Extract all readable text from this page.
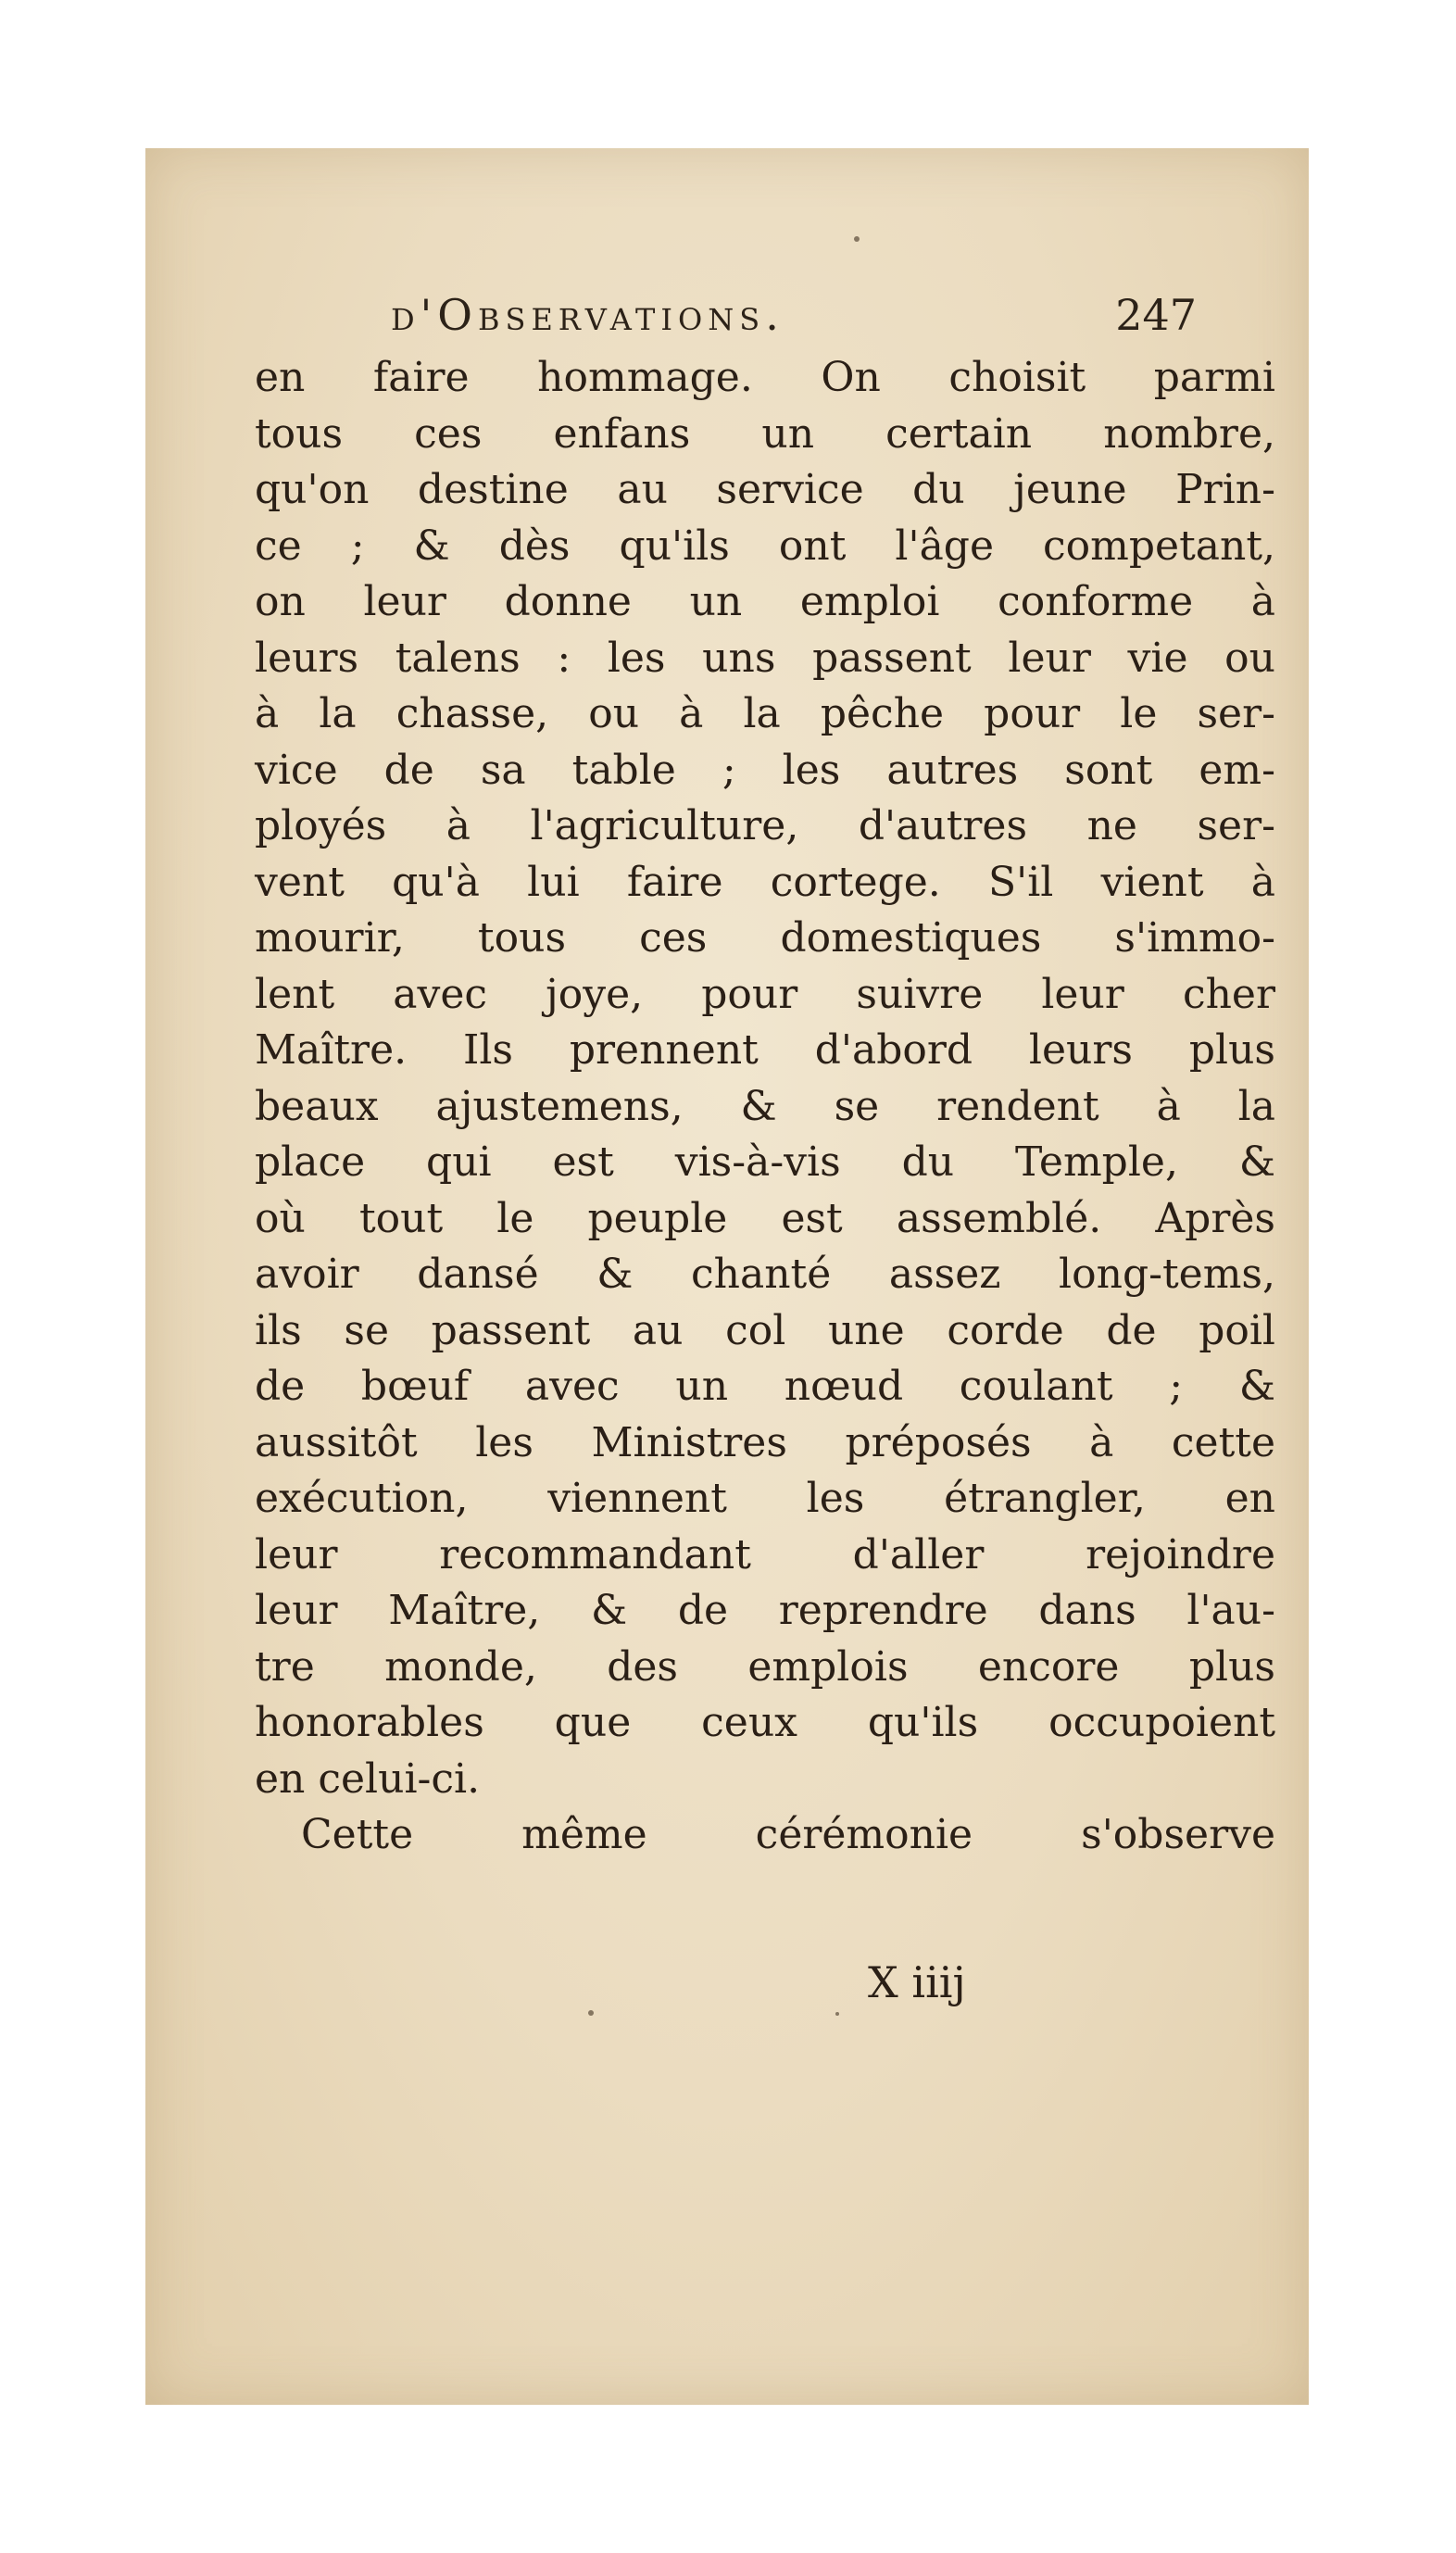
d'Observations.	247
en faire hommage. On choisit parmi
tous ces enfans un certain nombre,
qu'on destine au service du jeune Prin-
ce ; & dès qu'ils ont l'âge competant,
on leur donne un emploi conforme à
leurs talens : les uns passent leur vie ou
à la chasse, ou à la pêche pour le ser-
vice de sa table ; les autres sont em-
ployés à l'agriculture, d'autres ne ser-
vent qu'à lui faire cortege. S'il vient à
mourir, tous ces domestiques s'immo-
lent avec joye, pour suivre leur cher
Maître. Ils prennent d'abord leurs plus
beaux ajustemens, & se rendent à la
place qui est vis-à-vis du Temple, &
où tout le peuple est assemblé. Après
avoir dansé & chanté assez long-tems,
ils se passent au col une corde de poil
de bœuf avec un nœud coulant ; &
aussitôt les Ministres préposés à cette
exécution, viennent les étrangler, en
leur recommandant d'aller rejoindre
leur Maître, & de reprendre dans l'au-
tre monde, des emplois encore plus
honorables que ceux qu'ils occupoient
en celui-ci.
Cette même cérémonie s'observe
X iiij
